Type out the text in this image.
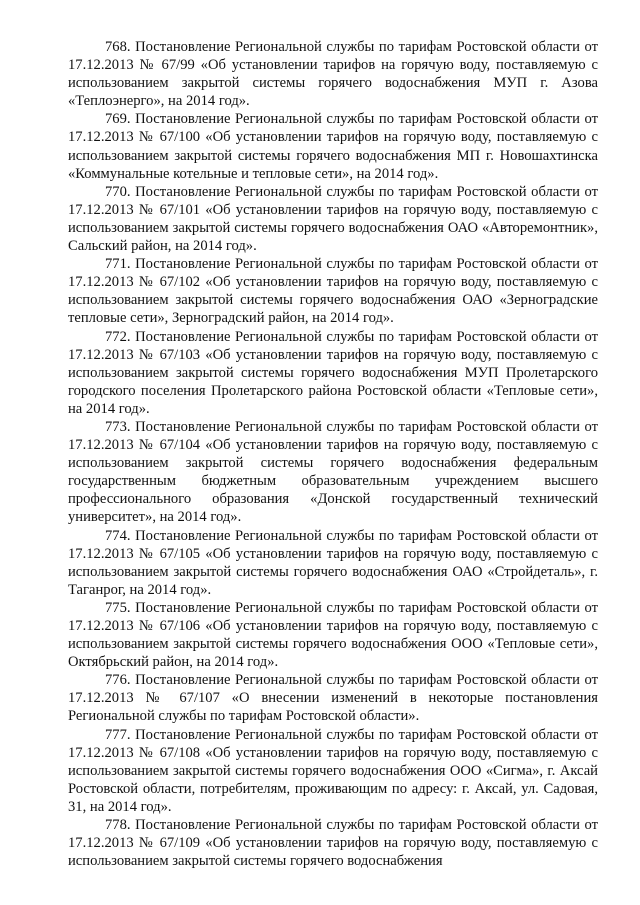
768. Постановление Региональной службы по тарифам Ростовской области от 17.12.2013 № 67/99 «Об установлении тарифов на горячую воду, поставляемую с использованием закрытой системы горячего водоснабжения МУП г. Азова «Теплоэнерго», на 2014 год».

769. Постановление Региональной службы по тарифам Ростовской области от 17.12.2013 № 67/100 «Об установлении тарифов на горячую воду, поставляемую с использованием закрытой системы горячего водоснабжения МП г. Новошахтинска «Коммунальные котельные и тепловые сети», на 2014 год».

770. Постановление Региональной службы по тарифам Ростовской области от 17.12.2013 № 67/101 «Об установлении тарифов на горячую воду, поставляемую с использованием закрытой системы горячего водоснабжения ОАО «Авторемонтник», Сальский район, на 2014 год».

771. Постановление Региональной службы по тарифам Ростовской области от 17.12.2013 № 67/102 «Об установлении тарифов на горячую воду, поставляемую с использованием закрытой системы горячего водоснабжения ОАО «Зерноградские тепловые сети», Зерноградский район, на 2014 год».

772. Постановление Региональной службы по тарифам Ростовской области от 17.12.2013 № 67/103 «Об установлении тарифов на горячую воду, поставляемую с использованием закрытой системы горячего водоснабжения МУП Пролетарского городского поселения Пролетарского района Ростовской области «Тепловые сети», на 2014 год».

773. Постановление Региональной службы по тарифам Ростовской области от 17.12.2013 № 67/104 «Об установлении тарифов на горячую воду, поставляемую с использованием закрытой системы горячего водоснабжения федеральным государственным бюджетным образовательным учреждением высшего профессионального образования «Донской государственный технический университет», на 2014 год».

774. Постановление Региональной службы по тарифам Ростовской области от 17.12.2013 № 67/105 «Об установлении тарифов на горячую воду, поставляемую с использованием закрытой системы горячего водоснабжения ОАО «Стройдеталь», г. Таганрог, на 2014 год».

775. Постановление Региональной службы по тарифам Ростовской области от 17.12.2013 № 67/106 «Об установлении тарифов на горячую воду, поставляемую с использованием закрытой системы горячего водоснабжения ООО «Тепловые сети», Октябрьский район, на 2014 год».

776. Постановление Региональной службы по тарифам Ростовской области от 17.12.2013 № 67/107 «О внесении изменений в некоторые постановления Региональной службы по тарифам Ростовской области».

777. Постановление Региональной службы по тарифам Ростовской области от 17.12.2013 № 67/108 «Об установлении тарифов на горячую воду, поставляемую с использованием закрытой системы горячего водоснабжения ООО «Сигма», г. Аксай Ростовской области, потребителям, проживающим по адресу: г. Аксай, ул. Садовая, 31, на 2014 год».

778. Постановление Региональной службы по тарифам Ростовской области от 17.12.2013 № 67/109 «Об установлении тарифов на горячую воду, поставляемую с использованием закрытой системы горячего водоснабжения
